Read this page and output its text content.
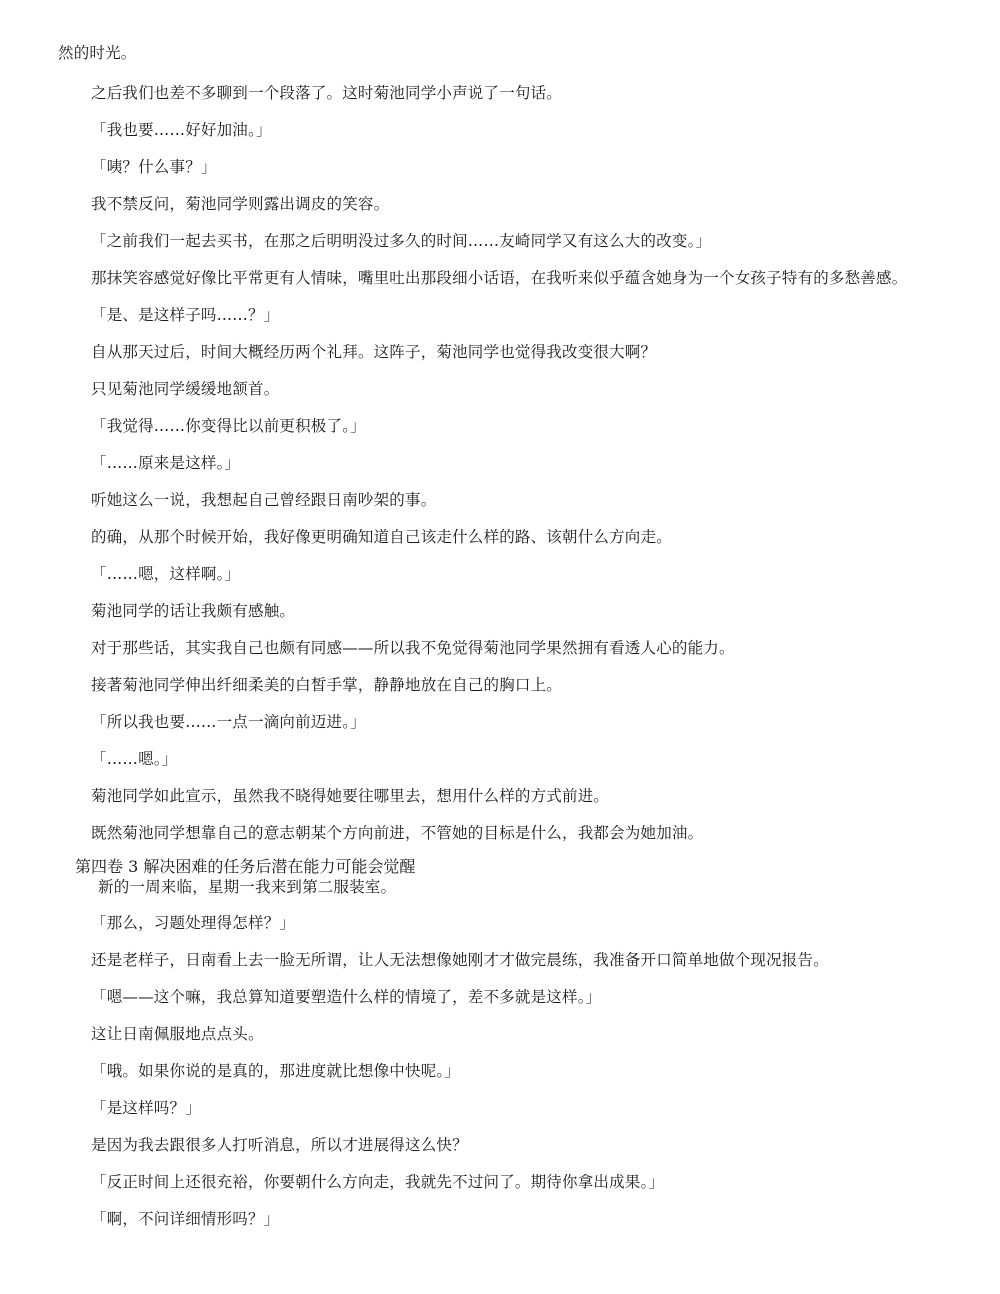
然的时光。
之后我们也差不多聊到一个段落了。这时菊池同学小声说了一句话。
「我也要……好好加油。」
「咦？什么事？」
我不禁反问，菊池同学则露出调皮的笑容。
「之前我们一起去买书，在那之后明明没过多久的时间……友崎同学又有这么大的改变。」
那抹笑容感觉好像比平常更有人情味，嘴里吐出那段细小话语，在我听来似乎蕴含她身为一个女孩子特有的多愁善感。
「是、是这样子吗……？」
自从那天过后，时间大概经历两个礼拜。这阵子，菊池同学也觉得我改变很大啊？
只见菊池同学缓缓地颔首。
「我觉得……你变得比以前更积极了。」
「……原来是这样。」
听她这么一说，我想起自己曾经跟日南吵架的事。
的确，从那个时候开始，我好像更明确知道自己该走什么样的路、该朝什么方向走。
「……嗯，这样啊。」
菊池同学的话让我颇有感触。
对于那些话，其实我自己也颇有同感——所以我不免觉得菊池同学果然拥有看透人心的能力。
接著菊池同学伸出纤细柔美的白皙手掌，静静地放在自己的胸口上。
「所以我也要……一点一滴向前迈进。」
「……嗯。」
菊池同学如此宣示，虽然我不晓得她要往哪里去，想用什么样的方式前进。
既然菊池同学想靠自己的意志朝某个方向前进，不管她的目标是什么，我都会为她加油。
第四卷 3 解决困难的任务后潜在能力可能会觉醒
新的一周来临，星期一我来到第二服装室。
「那么，习题处理得怎样？」
还是老样子，日南看上去一脸无所谓，让人无法想像她刚才才做完晨练，我准备开口简单地做个现况报告。
「嗯——这个嘛，我总算知道要塑造什么样的情境了，差不多就是这样。」
这让日南佩服地点点头。
「哦。如果你说的是真的，那进度就比想像中快呢。」
「是这样吗？」
是因为我去跟很多人打听消息，所以才进展得这么快？
「反正时间上还很充裕，你要朝什么方向走，我就先不过问了。期待你拿出成果。」
「啊，不问详细情形吗？」
